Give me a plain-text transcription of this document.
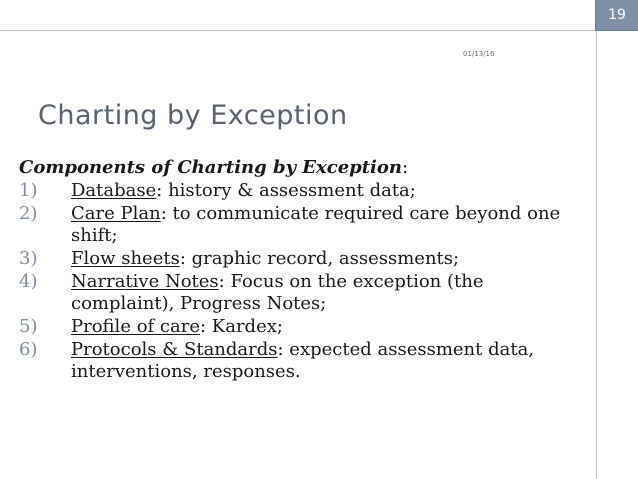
19
01/13/16
Charting by Exception
Components of Charting by Exception:
1)	Database: history & assessment data;
2)	Care Plan: to communicate required care beyond one shift;
3)	Flow sheets: graphic record, assessments;
4)	Narrative Notes: Focus on the exception (the complaint), Progress Notes;
5)	Profile of care: Kardex;
6)	Protocols & Standards: expected assessment data, interventions, responses.
